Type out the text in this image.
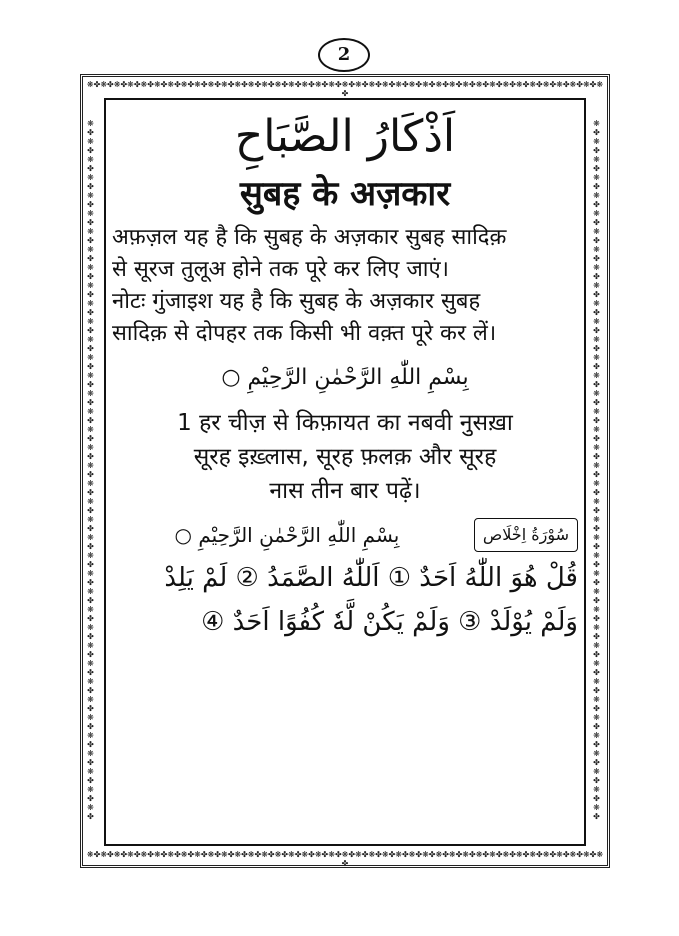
❋✤❋✤❋✤❋✤❋✤❋✤❋✤❋✤❋✤❋✤❋✤❋✤❋✤❋✤❋✤❋✤❋✤❋✤❋✤❋✤❋✤❋✤❋✤❋✤❋✤❋✤❋✤❋✤❋✤❋✤❋✤❋✤❋✤❋✤❋✤❋✤❋✤❋✤❋✤
❋✤❋✤❋✤❋✤❋✤❋✤❋✤❋✤❋✤❋✤❋✤❋✤❋✤❋✤❋✤❋✤❋✤❋✤❋✤❋✤❋✤❋✤❋✤❋✤❋✤❋✤❋✤❋✤❋✤❋✤❋✤❋✤❋✤❋✤❋✤❋✤❋✤❋✤❋✤
❋✤❋✤❋✤❋✤❋✤❋✤❋✤❋✤❋✤❋✤❋✤❋✤❋✤❋✤❋✤❋✤❋✤❋✤❋✤❋✤❋✤❋✤❋✤❋✤❋✤❋✤❋✤❋✤❋✤❋✤❋✤❋✤❋✤❋✤❋✤❋✤❋✤❋✤❋✤	❋✤❋✤❋✤❋✤❋✤❋✤❋✤❋✤❋✤❋✤❋✤❋✤❋✤❋✤❋✤❋✤❋✤❋✤❋✤❋✤❋✤❋✤❋✤❋✤❋✤❋✤❋✤❋✤❋✤❋✤❋✤❋✤❋✤❋✤❋✤❋✤❋✤❋✤❋✤
2
اَذْكَارُ الصَّبَاحِ
सुबह के अज़कार
अफ़ज़ल यह है कि सुबह के अज़कार सुबह सादिक़
से सूरज तुलूअ होने तक पूरे कर लिए जाएं।
नोटः गुंजाइश यह है कि सुबह के अज़कार सुबह
सादिक़ से दोपहर तक किसी भी वक़्त पूरे कर लें।
بِسْمِ اللّٰهِ الرَّحْمٰنِ الرَّحِيْمِ ○
1 हर चीज़ से किफ़ायत का नबवी नुसख़ा
सूरह इख़्लास, सूरह फ़लक़ और सूरह
नास तीन बार पढ़ें।
سُوْرَةُ اِخْلَاص
بِسْمِ اللّٰهِ الرَّحْمٰنِ الرَّحِيْمِ ○
قُلْ هُوَ اللّٰهُ اَحَدٌ ① اَللّٰهُ الصَّمَدُ ② لَمْ يَلِدْ
وَلَمْ يُوْلَدْ ③ وَلَمْ يَكُنْ لَّهٗ كُفُوًا اَحَدٌ ④
